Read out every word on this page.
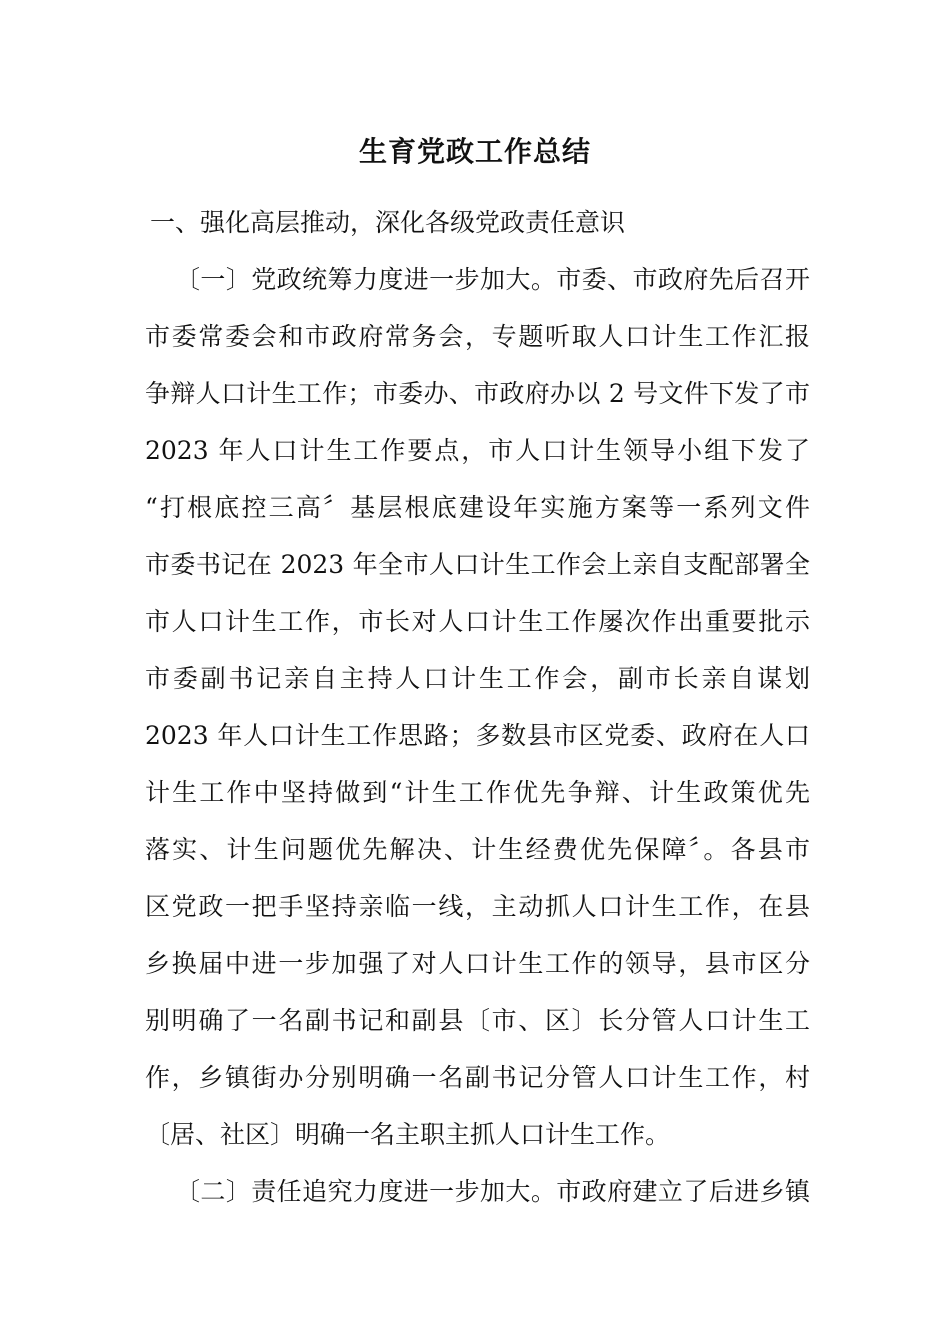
生育党政工作总结
一、强化高层推动，深化各级党政责任意识
〔一〕党政统筹力度进一步加大。市委、市政府先后召开
市委常委会和市政府常务会，专题听取人口计生工作汇报
争辩人口计生工作；市委办、市政府办以 2 号文件下发了市
2023 年人口计生工作要点，市人口计生领导小组下发了
“打根底控三高〞基层根底建设年实施方案等一系列文件
市委书记在 2023 年全市人口计生工作会上亲自支配部署全
市人口计生工作，市长对人口计生工作屡次作出重要批示
市委副书记亲自主持人口计生工作会，副市长亲自谋划
2023 年人口计生工作思路；多数县市区党委、政府在人口
计生工作中坚持做到“计生工作优先争辩、计生政策优先
落实、计生问题优先解决、计生经费优先保障〞。各县市
区党政一把手坚持亲临一线，主动抓人口计生工作，在县
乡换届中进一步加强了对人口计生工作的领导，县市区分
别明确了一名副书记和副县〔市、区〕长分管人口计生工
作，乡镇街办分别明确一名副书记分管人口计生工作，村
〔居、社区〕明确一名主职主抓人口计生工作。
〔二〕责任追究力度进一步加大。市政府建立了后进乡镇
